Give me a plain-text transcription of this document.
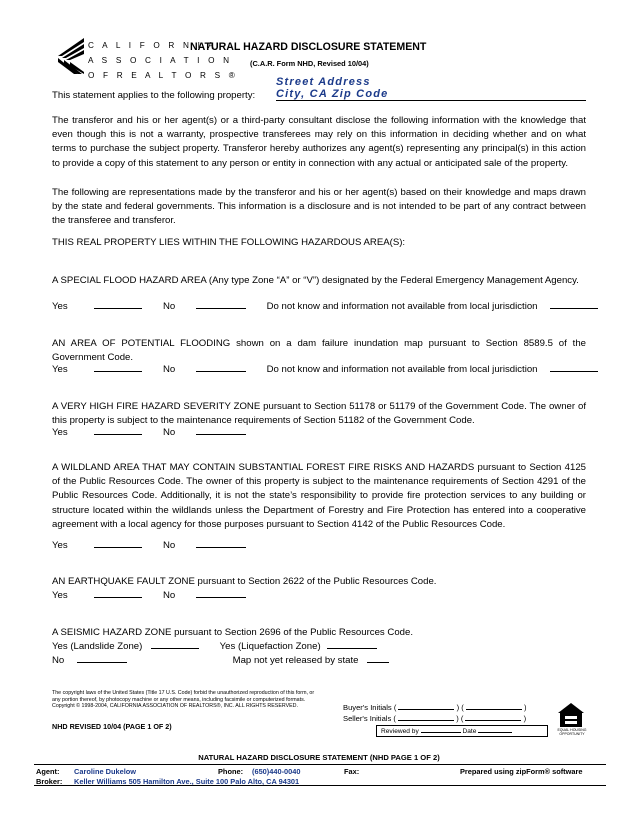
C A L I F O R N I A
A S S O C I A T I O N
O F R E A L T O R S ®
NATURAL HAZARD DISCLOSURE STATEMENT
(C.A.R. Form NHD, Revised 10/04)
Street Address
This statement applies to the following property: City, CA Zip Code
The transferor and his or her agent(s) or a third-party consultant disclose the following information with the knowledge that even though this is not a warranty, prospective transferees may rely on this information in deciding whether and on what terms to purchase the subject property. Transferor hereby authorizes any agent(s) representing any principal(s) in this action to provide a copy of this statement to any person or entity in connection with any actual or anticipated sale of the property.
The following are representations made by the transferor and his or her agent(s) based on their knowledge and maps drawn by the state and federal governments. This information is a disclosure and is not intended to be part of any contract between the transferee and transferor.
THIS REAL PROPERTY LIES WITHIN THE FOLLOWING HAZARDOUS AREA(S):
A SPECIAL FLOOD HAZARD AREA (Any type Zone “A” or “V”) designated by the Federal Emergency Management Agency.
Yes	No	Do not know and information not available from local jurisdiction
AN AREA OF POTENTIAL FLOODING shown on a dam failure inundation map pursuant to Section 8589.5 of the Government Code.
Yes	No	Do not know and information not available from local jurisdiction
A VERY HIGH FIRE HAZARD SEVERITY ZONE pursuant to Section 51178 or 51179 of the Government Code. The owner of this property is subject to the maintenance requirements of Section 51182 of the Government Code.
Yes	No
A WILDLAND AREA THAT MAY CONTAIN SUBSTANTIAL FOREST FIRE RISKS AND HAZARDS pursuant to Section 4125 of the Public Resources Code. The owner of this property is subject to the maintenance requirements of Section 4291 of the Public Resources Code. Additionally, it is not the state’s responsibility to provide fire protection services to any building or structure located within the wildlands unless the Department of Forestry and Fire Protection has entered into a cooperative agreement with a local agency for those purposes pursuant to Section 4142 of the Public Resources Code.
Yes	No
AN EARTHQUAKE FAULT ZONE pursuant to Section 2622 of the Public Resources Code.
Yes	No
A SEISMIC HAZARD ZONE pursuant to Section 2696 of the Public Resources Code.
Yes (Landslide Zone)	Yes (Liquefaction Zone)
No	Map not yet released by state
The copyright laws of the United States (Title 17 U.S. Code) forbid the unauthorized reproduction of this form, or any portion thereof, by photocopy machine or any other means, including facsimile or computerized formats. Copyright © 1998-2004, CALIFORNIA ASSOCIATION OF REALTORS®, INC. ALL RIGHTS RESERVED.
NHD REVISED 10/04 (PAGE 1 OF 2)
Buyer's Initials (	) (	)
Seller's Initials (	) (	)
Reviewed by	Date	EQUAL HOUSING OPPORTUNITY
NATURAL HAZARD DISCLOSURE STATEMENT (NHD PAGE 1 OF 2)
Agent: Caroline Dukelow	Phone: (650)440-0040	Fax:	Prepared using zipForm® software
Broker: Keller Williams 505 Hamilton Ave., Suite 100 Palo Alto, CA 94301
